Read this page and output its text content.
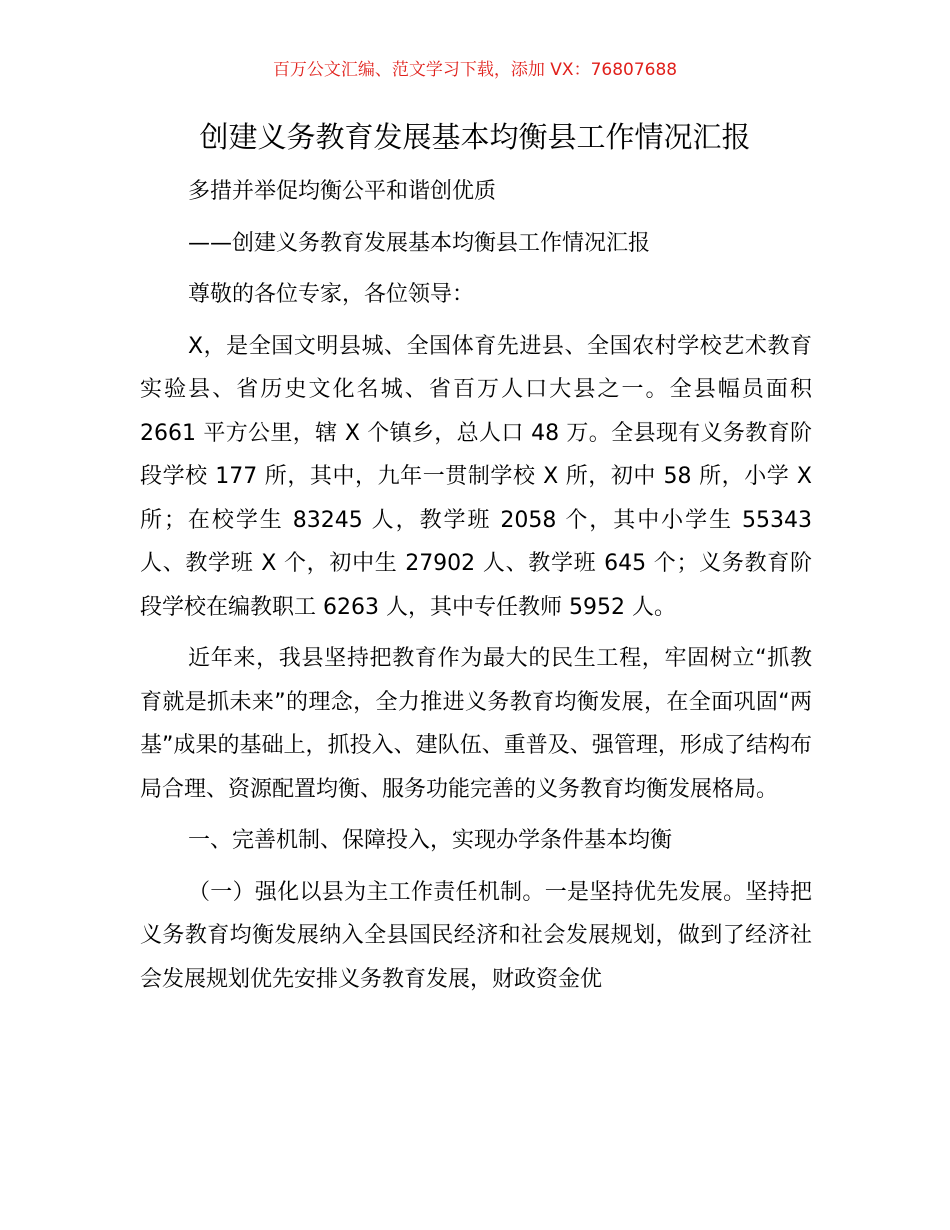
百万公文汇编、范文学习下载，添加 VX：76807688
创建义务教育发展基本均衡县工作情况汇报

多措并举促均衡公平和谐创优质

——创建义务教育发展基本均衡县工作情况汇报

尊敬的各位专家，各位领导：

X，是全国文明县城、全国体育先进县、全国农村学校艺术教育实验县、省历史文化名城、省百万人口大县之一。全县幅员面积 2661 平方公里，辖 X 个镇乡，总人口 48 万。全县现有义务教育阶段学校 177 所，其中，九年一贯制学校 X 所，初中 58 所，小学 X 所；在校学生 83245 人，教学班 2058 个，其中小学生 55343 人、教学班 X 个，初中生 27902 人、教学班 645 个；义务教育阶段学校在编教职工 6263 人，其中专任教师 5952 人。

近年来，我县坚持把教育作为最大的民生工程，牢固树立“抓教育就是抓未来”的理念，全力推进义务教育均衡发展，在全面巩固“两基”成果的基础上，抓投入、建队伍、重普及、强管理，形成了结构布局合理、资源配置均衡、服务功能完善的义务教育均衡发展格局。

一、完善机制、保障投入，实现办学条件基本均衡

（一）强化以县为主工作责任机制。一是坚持优先发展。坚持把义务教育均衡发展纳入全县国民经济和社会发展规划，做到了经济社会发展规划优先安排义务教育发展，财政资金优
